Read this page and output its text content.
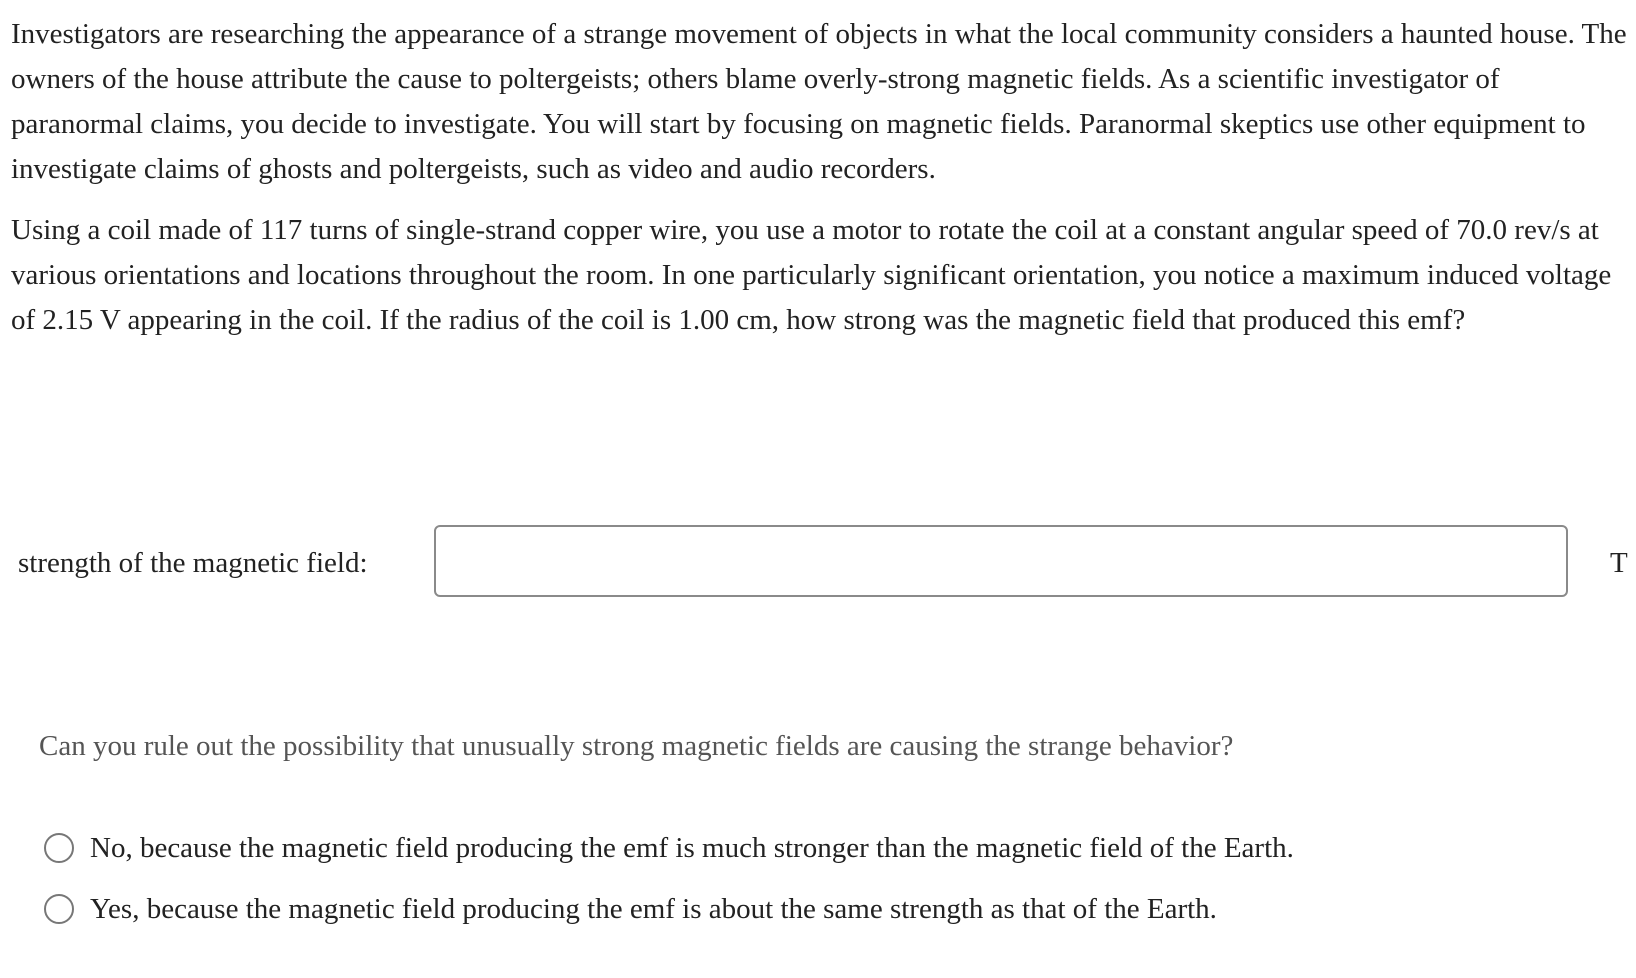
Investigators are researching the appearance of a strange movement of objects in what the local community considers a haunted house. The owners of the house attribute the cause to poltergeists; others blame overly-strong magnetic fields. As a scientific investigator of paranormal claims, you decide to investigate. You will start by focusing on magnetic fields. Paranormal skeptics use other equipment to investigate claims of ghosts and poltergeists, such as video and audio recorders.

Using a coil made of 117 turns of single-strand copper wire, you use a motor to rotate the coil at a constant angular speed of 70.0 rev/s at various orientations and locations throughout the room. In one particularly significant orientation, you notice a maximum induced voltage of 2.15 V appearing in the coil. If the radius of the coil is 1.00 cm, how strong was the magnetic field that produced this emf?

strength of the magnetic field:	T
Can you rule out the possibility that unusually strong magnetic fields are causing the strange behavior?
No, because the magnetic field producing the emf is much stronger than the magnetic field of the Earth.
Yes, because the magnetic field producing the emf is about the same strength as that of the Earth.
